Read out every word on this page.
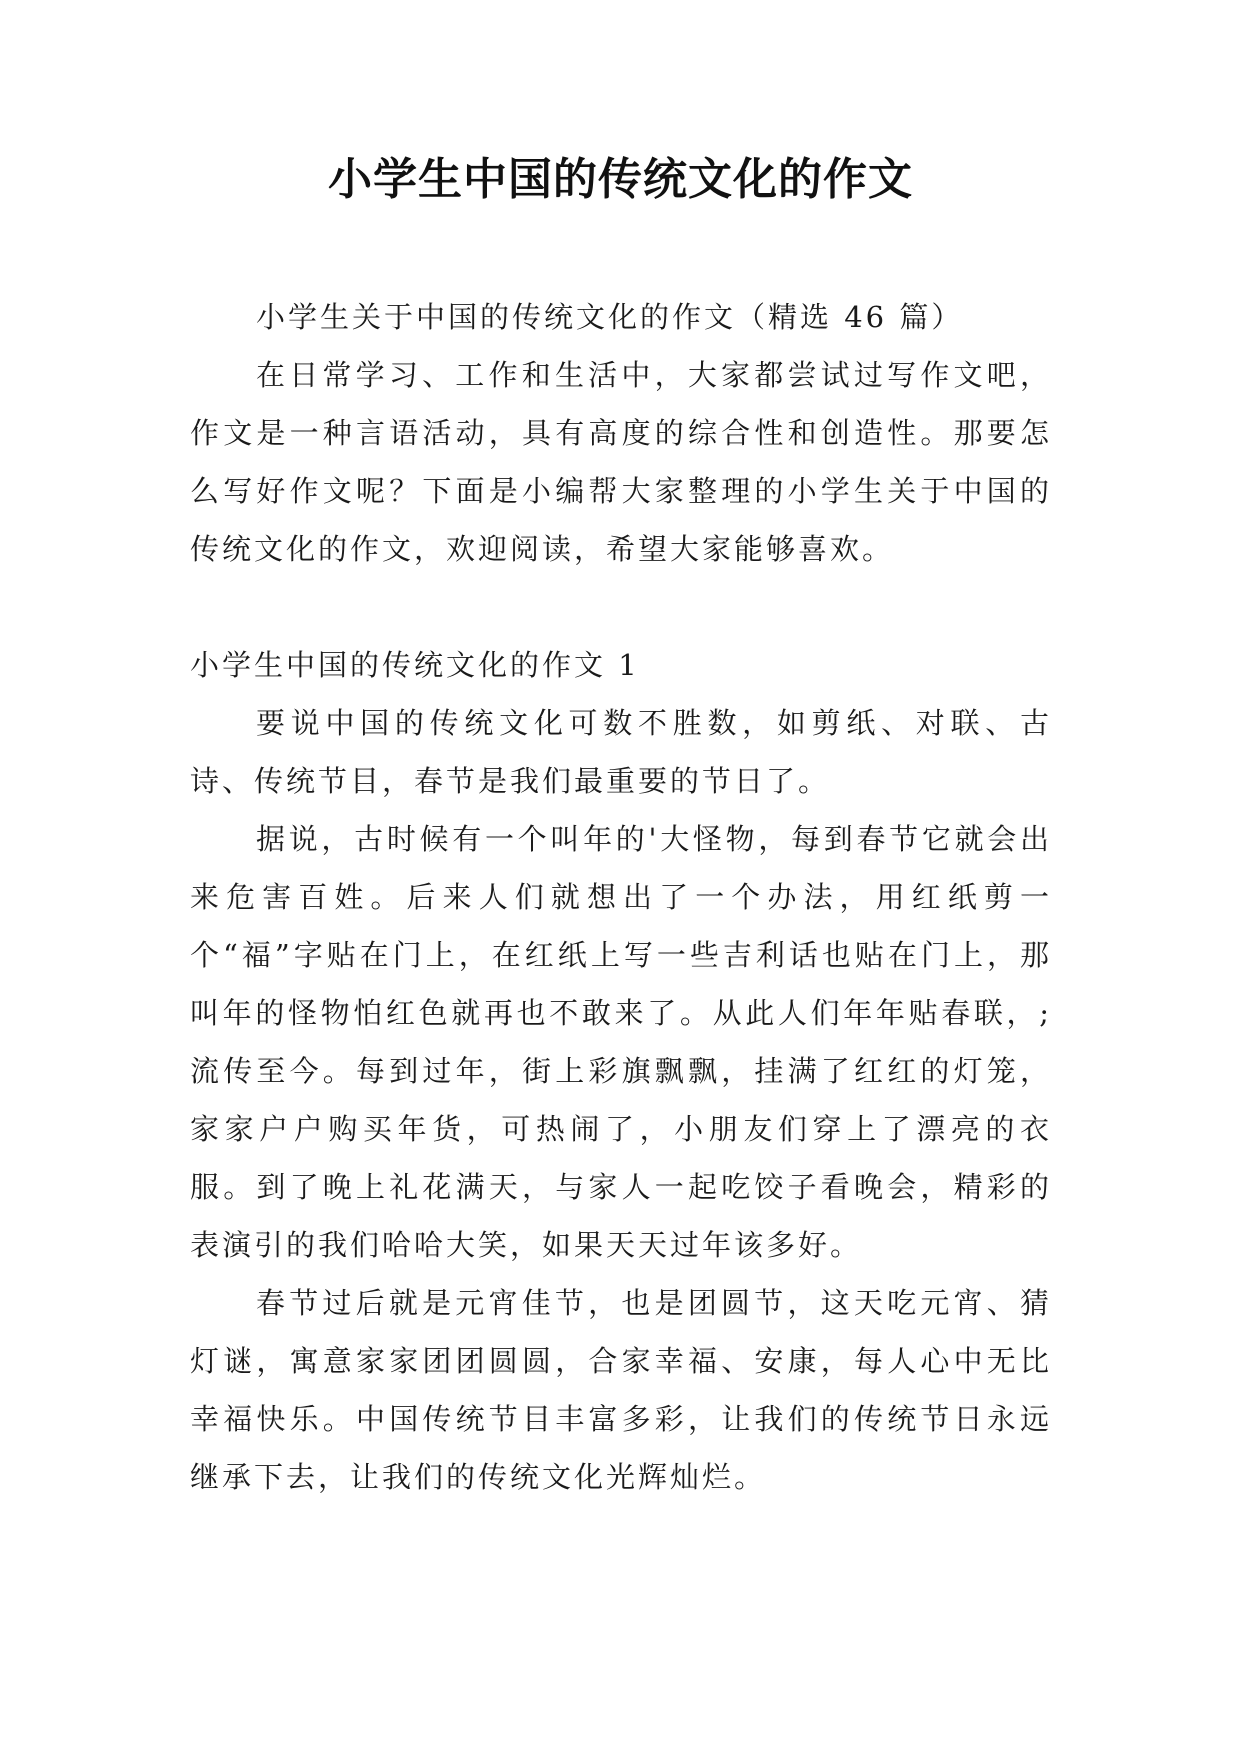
小学生中国的传统文化的作文

小学生关于中国的传统文化的作文（精选 46 篇）

在日常学习、工作和生活中，大家都尝试过写作文吧，作文是一种言语活动，具有高度的综合性和创造性。那要怎么写好作文呢？下面是小编帮大家整理的小学生关于中国的传统文化的作文，欢迎阅读，希望大家能够喜欢。

小学生中国的传统文化的作文 1

要说中国的传统文化可数不胜数，如剪纸、对联、古诗、传统节目，春节是我们最重要的节日了。

据说，古时候有一个叫年的'大怪物，每到春节它就会出来危害百姓。后来人们就想出了一个办法，用红纸剪一个“福”字贴在门上，在红纸上写一些吉利话也贴在门上，那叫年的怪物怕红色就再也不敢来了。从此人们年年贴春联，;流传至今。每到过年，街上彩旗飘飘，挂满了红红的灯笼，家家户户购买年货，可热闹了，小朋友们穿上了漂亮的衣服。到了晚上礼花满天，与家人一起吃饺子看晚会，精彩的表演引的我们哈哈大笑，如果天天过年该多好。

春节过后就是元宵佳节，也是团圆节，这天吃元宵、猜灯谜，寓意家家团团圆圆，合家幸福、安康，每人心中无比幸福快乐。中国传统节目丰富多彩，让我们的传统节日永远继承下去，让我们的传统文化光辉灿烂。
